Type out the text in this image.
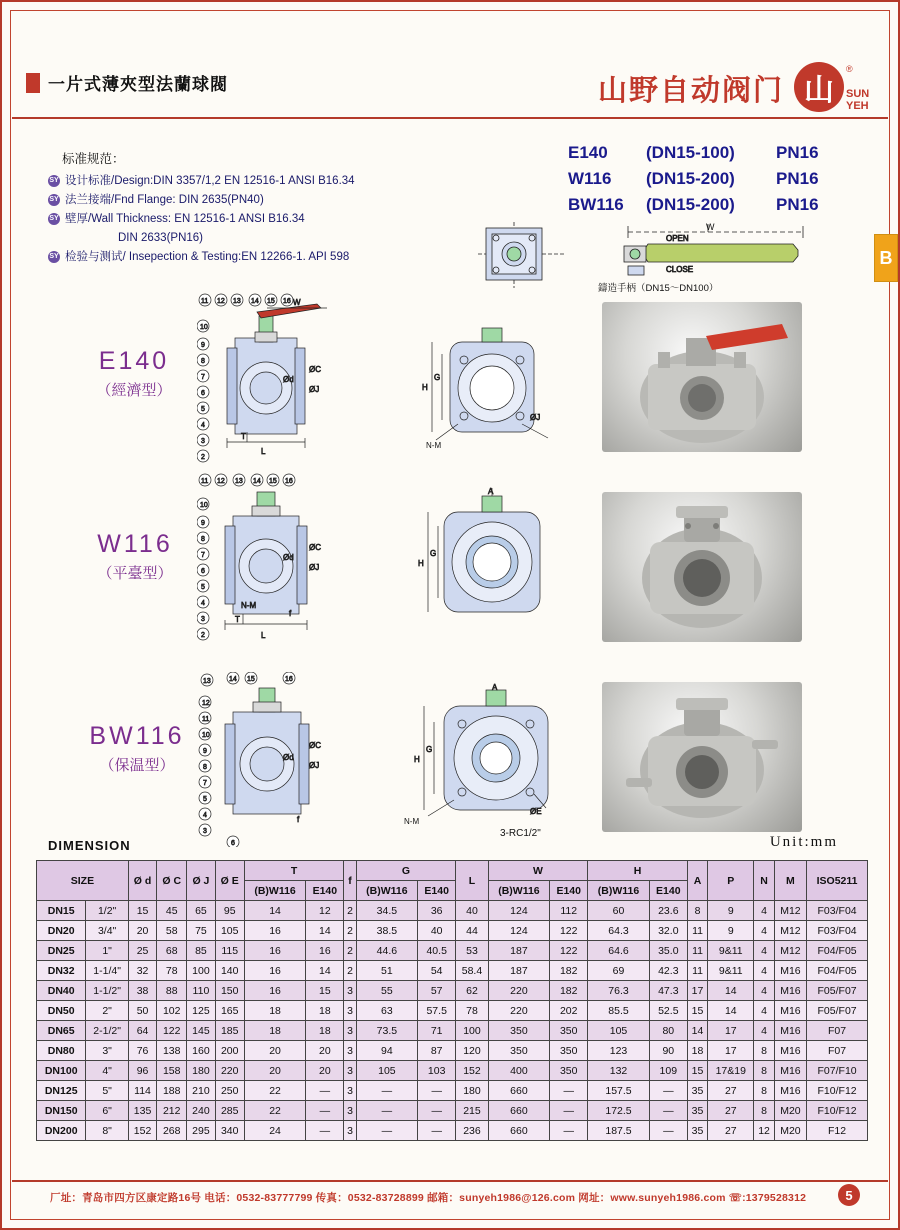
一片式薄夾型法蘭球閥	山野自动阀门 山
®
SUN YEH
标准规范：
SY 设计标准/Design:DIN 3357/1,2 EN 12516-1 ANSI B16.34
SY 法兰接端/Fnd Flange: DIN 2635(PN40)
SY 壁厚/Wall Thickness: EN 12516-1 ANSI B16.34
DIN 2633(PN16)
SY 检验与测试/ Insepection & Testing:EN 12266-1. API 598
E140	(DN15-100)	PN16
W116	(DN15-200)	PN16
BW116	(DN15-200)	PN16
B
E140
（經濟型）
OPEN
CLOSE
W
鑄造手柄（DN15～DN100）
11 12 13 14 15 16
10
9
8
7
6
5
4
3
2
L
T
W
ØC
ØJ
Ød
H
G
ØJ
N-M
W116
（平臺型）
11 12 13 14 15 16
10
9
8
7
6
5
4
3
2	L
T
f
ØC
ØJ
Ød
N-M
H
G
A
BW116
（保温型）
13	14 15	16
12
11
10
9
8
7
5
4
3
6
ØC
ØJ
Ød
f
H
G
A
ØE
N-M
3-RC1/2"
DIMENSION	Unit:mm
SIZE		Ø d	Ø C	Ø J	Ø E	T		f	G		L	W		H		A	P	N	M	ISO5211
						(B)W116	E140		(B)W116	E140		(B)W116	E140	(B)W116	E140					
DN15	1/2"	15	45	65	95	14	12	2	34.5	36	40	124	112	60	23.6	8	9	4	M12	F03/F04
DN20	3/4"	20	58	75	105	16	14	2	38.5	40	44	124	122	64.3	32.0	11	9	4	M12	F03/F04
DN25	1"	25	68	85	115	16	16	2	44.6	40.5	53	187	122	64.6	35.0	11	9&11	4	M12	F04/F05
DN32	1-1/4"	32	78	100	140	16	14	2	51	54	58.4	187	182	69	42.3	11	9&11	4	M16	F04/F05
DN40	1-1/2"	38	88	110	150	16	15	3	55	57	62	220	182	76.3	47.3	17	14	4	M16	F05/F07
DN50	2"	50	102	125	165	18	18	3	63	57.5	78	220	202	85.5	52.5	15	14	4	M16	F05/F07
DN65	2-1/2"	64	122	145	185	18	18	3	73.5	71	100	350	350	105	80	14	17	4	M16	F07
DN80	3"	76	138	160	200	20	20	3	94	87	120	350	350	123	90	18	17	8	M16	F07
DN100	4"	96	158	180	220	20	20	3	105	103	152	400	350	132	109	15	17&19	8	M16	F07/F10
DN125	5"	114	188	210	250	22	—	3	—	—	180	660	—	157.5	—	35	27	8	M16	F10/F12
DN150	6"	135	212	240	285	22	—	3	—	—	215	660	—	172.5	—	35	27	8	M20	F10/F12
DN200	8"	152	268	295	340	24	—	3	—	—	236	660	—	187.5	—	35	27	12	M20	F12
厂址：青岛市四方区康定路16号 电话：0532-83777799 传真：0532-83728899 邮箱：sunyeh1986@126.com 网址：www.sunyeh1986.com ☏:1379528312	5
